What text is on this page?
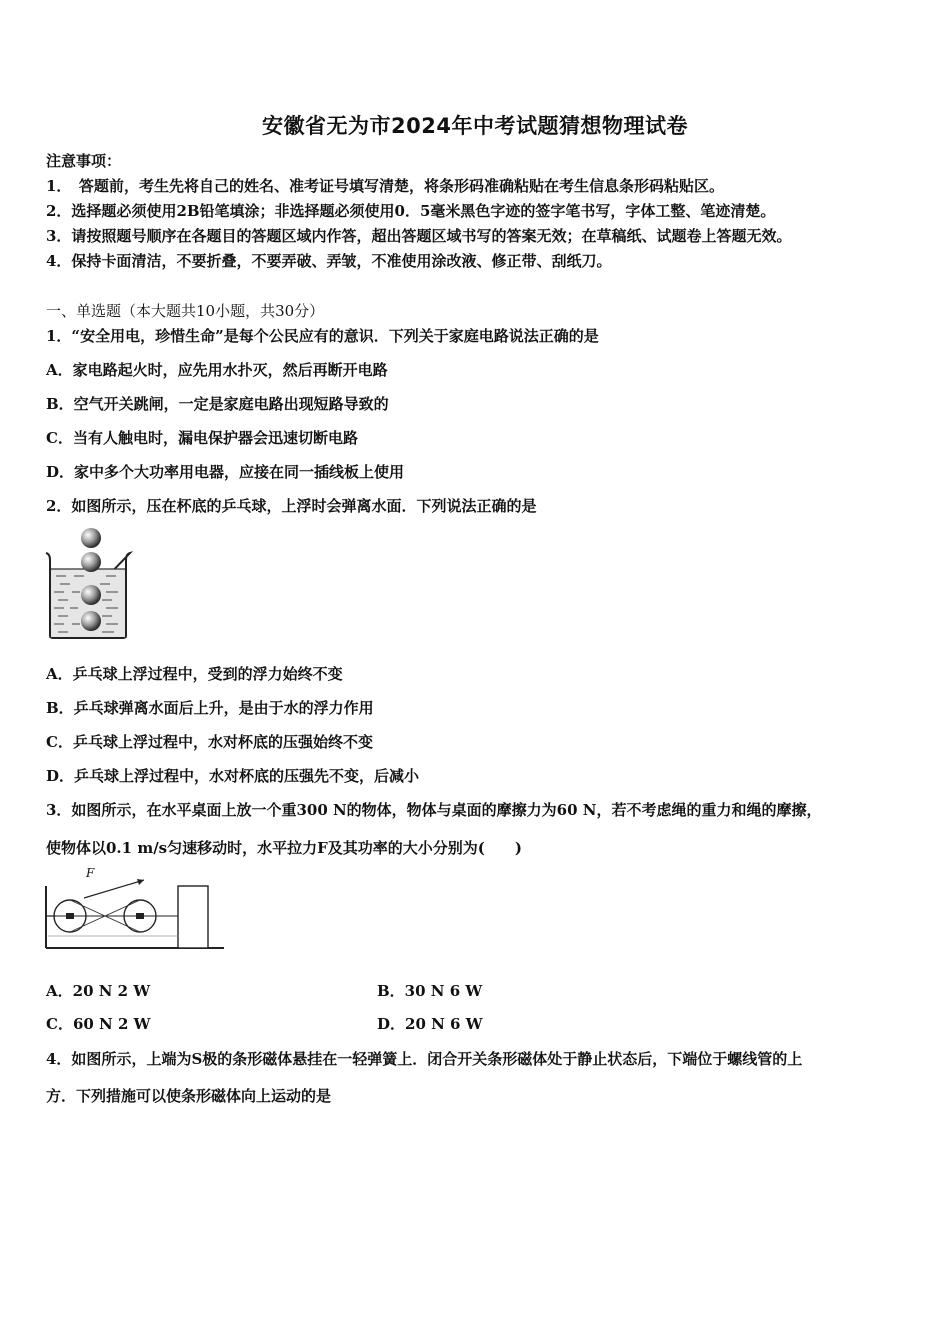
安徽省无为市2024年中考试题猜想物理试卷
注意事项：
1．　答题前，考生先将自己的姓名、准考证号填写清楚，将条形码准确粘贴在考生信息条形码粘贴区。
2．选择题必须使用2B铅笔填涂；非选择题必须使用0．5毫米黑色字迹的签字笔书写，字体工整、笔迹清楚。
3．请按照题号顺序在各题目的答题区域内作答，超出答题区域书写的答案无效；在草稿纸、试题卷上答题无效。
4．保持卡面清洁，不要折叠，不要弄破、弄皱，不准使用涂改液、修正带、刮纸刀。
一、单选题（本大题共10小题，共30分）
1．“安全用电，珍惜生命”是每个公民应有的意识．下列关于家庭电路说法正确的是
A．家电路起火时，应先用水扑灭，然后再断开电路
B．空气开关跳闸，一定是家庭电路出现短路导致的
C．当有人触电时，漏电保护器会迅速切断电路
D．家中多个大功率用电器，应接在同一插线板上使用
2．如图所示，压在杯底的乒乓球，上浮时会弹离水面．下列说法正确的是
A．乒乓球上浮过程中，受到的浮力始终不变
B．乒乓球弹离水面后上升，是由于水的浮力作用
C．乒乓球上浮过程中，水对杯底的压强始终不变
D．乒乓球上浮过程中，水对杯底的压强先不变，后减小
3．如图所示，在水平桌面上放一个重300 N的物体，物体与桌面的摩擦力为60 N，若不考虑绳的重力和绳的摩擦，
使物体以0.1 m/s匀速移动时，水平拉力F及其功率的大小分别为(　　)
F
A．20 N 2 W	B．30 N 6 W
C．60 N 2 W	D．20 N 6 W
4．如图所示，上端为S极的条形磁体悬挂在一轻弹簧上．闭合开关条形磁体处于静止状态后，下端位于螺线管的上
方．下列措施可以使条形磁体向上运动的是
